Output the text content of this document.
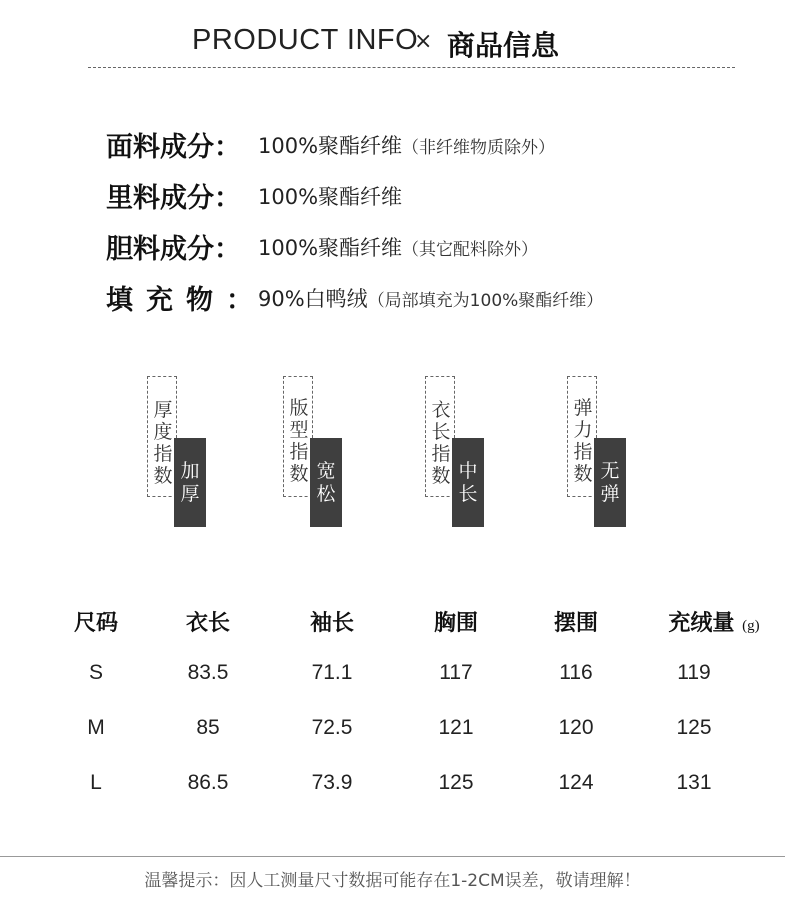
PRODUCT INFO
× 商品信息
面料成分： 100%聚酯纤维（非纤维物质除外）
里料成分： 100%聚酯纤维
胆料成分： 100%聚酯纤维（其它配料除外）
填充物：
90%白鸭绒（局部填充为100%聚酯纤维）
厚度指数 加厚
版型指数 宽松
衣长指数 中长
弹力指数 无弹
尺码	衣长	袖长	胸围	摆围	充绒量 (g)
S	83.5	71.1	117	116	119
M	85	72.5	121	120	125
L	86.5	73.9	125	124	131
温馨提示：因人工测量尺寸数据可能存在1-2CM误差，敬请理解！
